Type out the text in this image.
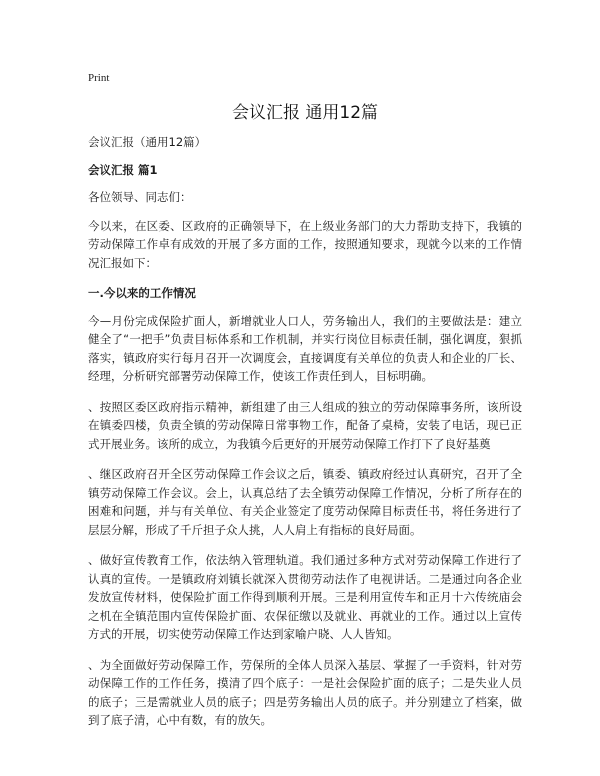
Print
会议汇报 通用12篇

会议汇报（通用12篇）

会议汇报 篇1

各位领导、同志们：

今以来，在区委、区政府的正确领导下，在上级业务部门的大力帮助支持下，我镇的劳动保障工作卓有成效的开展了多方面的工作，按照通知要求，现就今以来的工作情况汇报如下：

一.今以来的工作情况

今—月份完成保险扩面人，新增就业人口人，劳务输出人，我们的主要做法是：建立健全了“一把手”负责目标体系和工作机制，并实行岗位目标责任制，强化调度，狠抓落实，镇政府实行每月召开一次调度会，直接调度有关单位的负责人和企业的厂长、经理，分析研究部署劳动保障工作，使该工作责任到人，目标明确。

、按照区委区政府指示精神，新组建了由三人组成的独立的劳动保障事务所，该所设在镇委四楼，负责全镇的劳动保障日常事物工作，配备了桌椅，安装了电话，现已正式开展业务。该所的成立，为我镇今后更好的开展劳动保障工作打下了良好基奠

、继区政府召开全区劳动保障工作会议之后，镇委、镇政府经过认真研究，召开了全镇劳动保障工作会议。会上，认真总结了去全镇劳动保障工作情况，分析了所存在的困难和问题，并与有关单位、有关企业签定了度劳动保障目标责任书，将任务进行了层层分解，形成了千斤担子众人挑，人人肩上有指标的良好局面。

、做好宣传教育工作，依法纳入管理轨道。我们通过多种方式对劳动保障工作进行了认真的宣传。一是镇政府刘镇长就深入贯彻劳动法作了电视讲话。二是通过向各企业发放宣传材料，使保险扩面工作得到顺利开展。三是利用宣传车和正月十六传统庙会之机在全镇范围内宣传保险扩面、农保征缴以及就业、再就业的工作。通过以上宣传方式的开展，切实使劳动保障工作达到家喻户晓、人人皆知。

、为全面做好劳动保障工作，劳保所的全体人员深入基层、掌握了一手资料，针对劳动保障工作的工作任务，摸清了四个底子：一是社会保险扩面的底子；二是失业人员的底子；三是需就业人员的底子；四是劳务输出人员的底子。并分别建立了档案，做到了底子清，心中有数，有的放矢。
